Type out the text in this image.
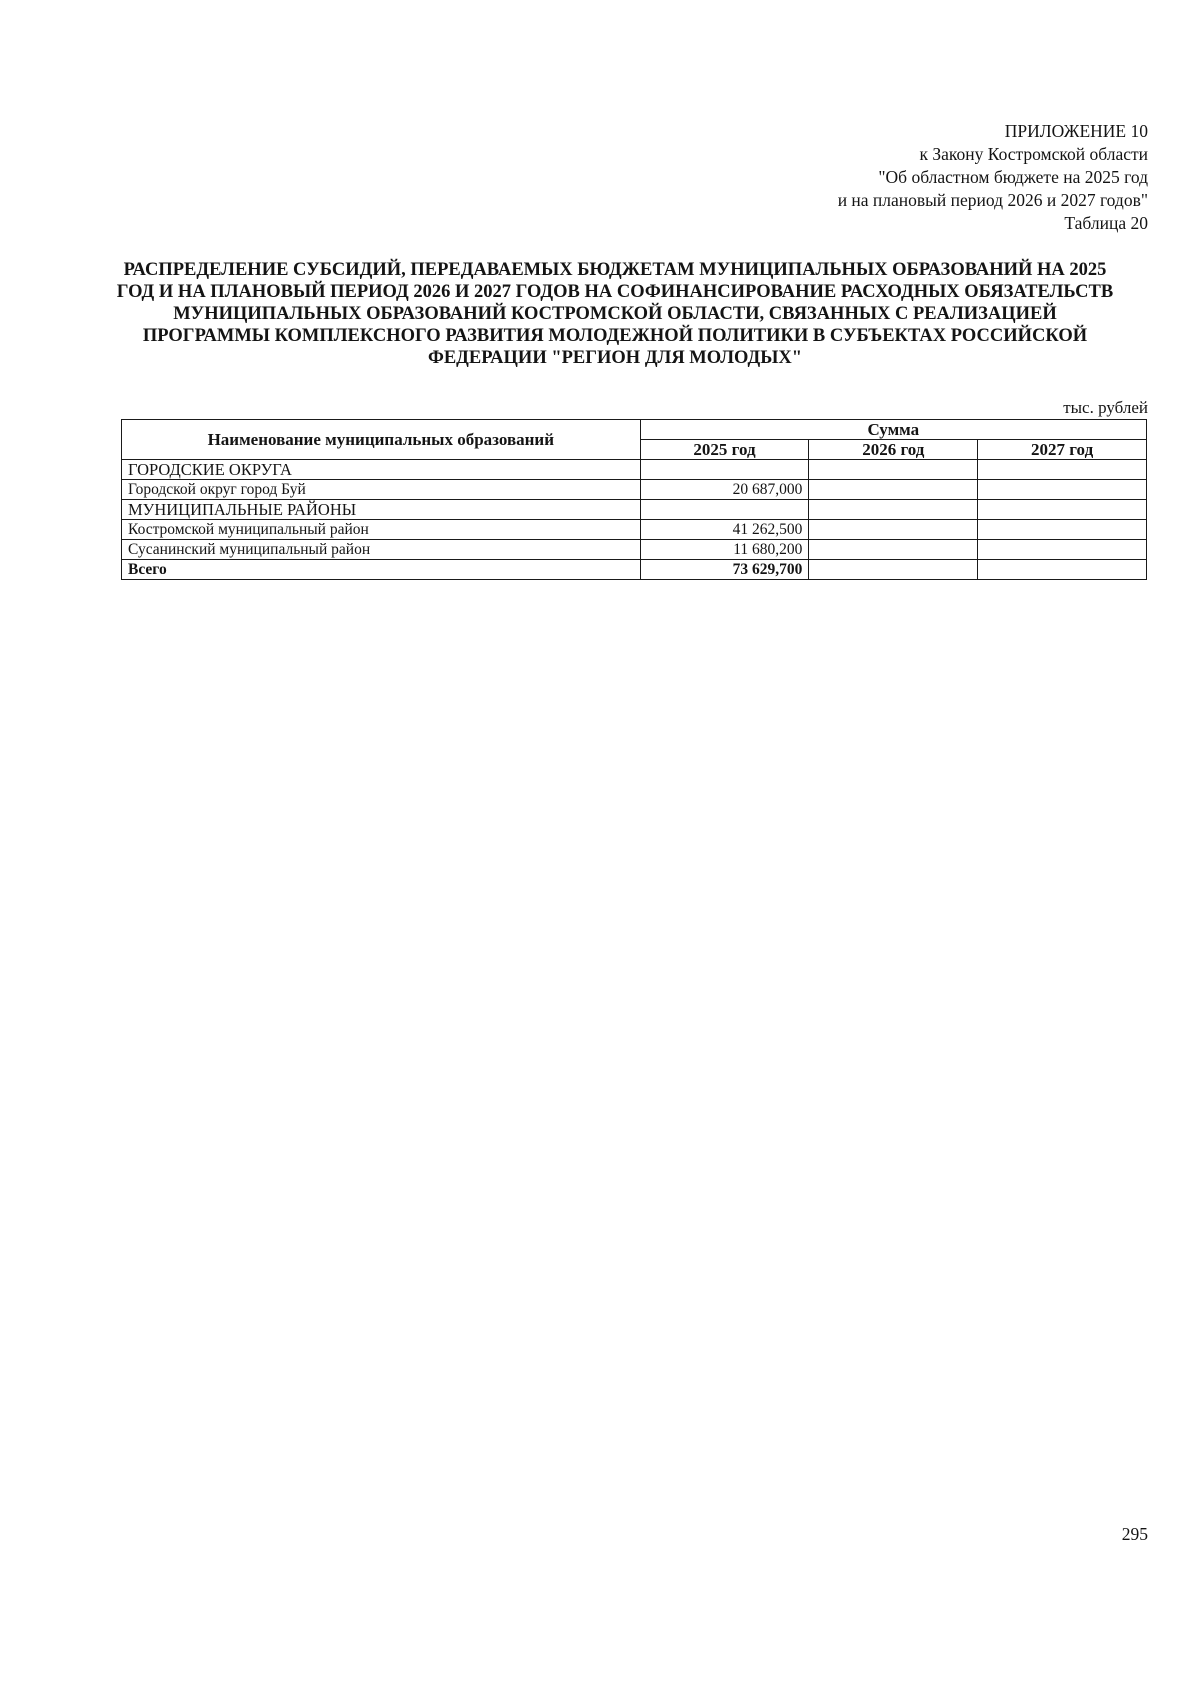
ПРИЛОЖЕНИЕ 10
к Закону Костромской области
"Об областном бюджете на 2025 год
и на плановый период 2026 и 2027 годов"
Таблица 20
РАСПРЕДЕЛЕНИЕ СУБСИДИЙ, ПЕРЕДАВАЕМЫХ БЮДЖЕТАМ МУНИЦИПАЛЬНЫХ ОБРАЗОВАНИЙ НА 2025 ГОД И НА ПЛАНОВЫЙ ПЕРИОД 2026 И 2027 ГОДОВ НА СОФИНАНСИРОВАНИЕ РАСХОДНЫХ ОБЯЗАТЕЛЬСТВ МУНИЦИПАЛЬНЫХ ОБРАЗОВАНИЙ КОСТРОМСКОЙ ОБЛАСТИ, СВЯЗАННЫХ С РЕАЛИЗАЦИЕЙ ПРОГРАММЫ КОМПЛЕКСНОГО РАЗВИТИЯ МОЛОДЕЖНОЙ ПОЛИТИКИ В СУБЪЕКТАХ РОССИЙСКОЙ ФЕДЕРАЦИИ "РЕГИОН ДЛЯ МОЛОДЫХ"
тыс. рублей
Наименование муниципальных образований	Сумма		
	2025 год	2026 год	2027 год
ГОРОДСКИЕ ОКРУГА			
Городской округ город Буй	20 687,000		
МУНИЦИПАЛЬНЫЕ РАЙОНЫ			
Костромской муниципальный район	41 262,500		
Сусанинский муниципальный район	11 680,200		
Всего	73 629,700		
295
